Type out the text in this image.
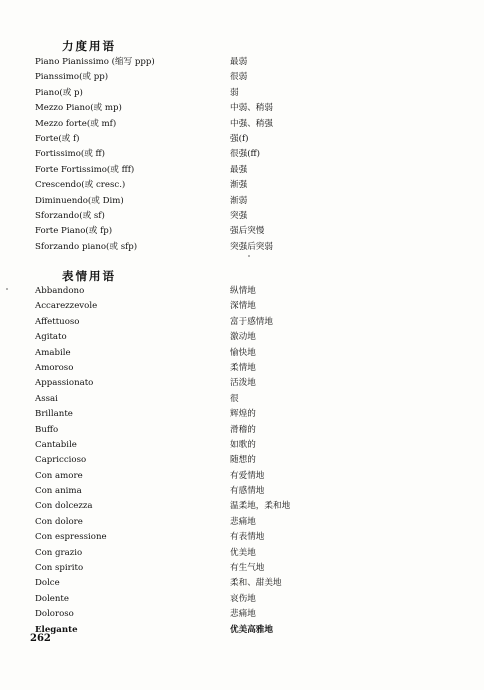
力度用语
Piano Pianissimo (缩写 ppp)	最弱
Pianssimo(或 pp)	很弱
Piano(或 p)	弱
Mezzo Piano(或 mp)	中弱、稍弱
Mezzo forte(或 mf)	中强、稍强
Forte(或 f)	强(f)
Fortissimo(或 ff)	很强(ff)
Forte Fortissimo(或 fff)	最强
Crescendo(或 cresc.)	渐强
Diminuendo(或 Dim)	渐弱
Sforzando(或 sf)	突强
Forte Piano(或 fp)	强后突慢
Sforzando piano(或 sfp)	突强后突弱
表情用语
Abbandono	纵情地
Accarezzevole	深情地
Affettuoso	富于感情地
Agitato	激动地
Amabile	愉快地
Amoroso	柔情地
Appassionato	活泼地
Assai	很
Brillante	辉煌的
Buffo	滑稽的
Cantabile	如歌的
Capriccioso	随想的
Con amore	有爱情地
Con anima	有感情地
Con dolcezza	温柔地，柔和地
Con dolore	悲痛地
Con espressione	有表情地
Con grazio	优美地
Con spirito	有生气地
Dolce	柔和、甜美地
Dolente	哀伤地
Doloroso	悲痛地
Elegante	优美高雅地
262
